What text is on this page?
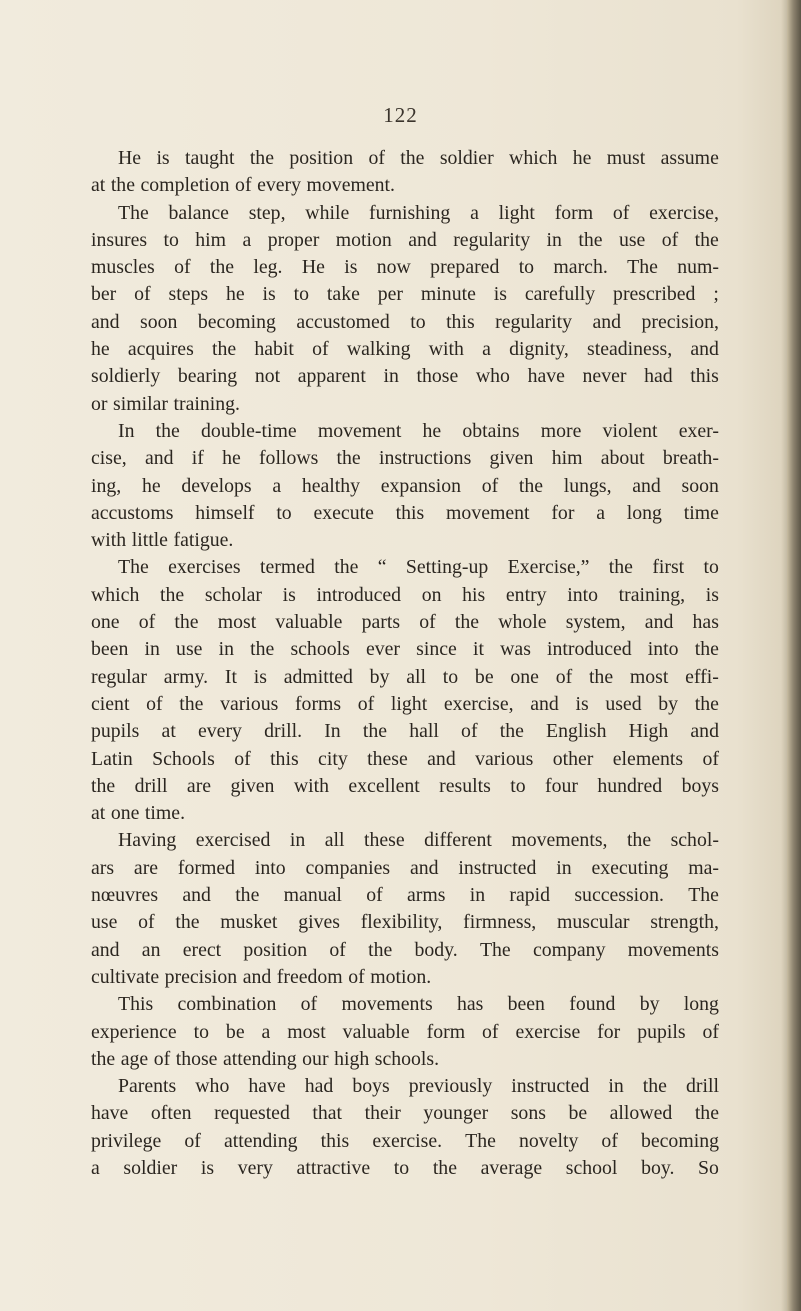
122
He is taught the position of the soldier which he must assume
at the completion of every movement.
The balance step, while furnishing a light form of exercise,
insures to him a proper motion and regularity in the use of the
muscles of the leg. He is now prepared to march. The num-
ber of steps he is to take per minute is carefully prescribed ;
and soon becoming accustomed to this regularity and precision,
he acquires the habit of walking with a dignity, steadiness, and
soldierly bearing not apparent in those who have never had this
or similar training.
In the double-time movement he obtains more violent exer-
cise, and if he follows the instructions given him about breath-
ing, he develops a healthy expansion of the lungs, and soon
accustoms himself to execute this movement for a long time
with little fatigue.
The exercises termed the “ Setting-up Exercise,” the first to
which the scholar is introduced on his entry into training, is
one of the most valuable parts of the whole system, and has
been in use in the schools ever since it was introduced into the
regular army. It is admitted by all to be one of the most effi-
cient of the various forms of light exercise, and is used by the
pupils at every drill. In the hall of the English High and
Latin Schools of this city these and various other elements of
the drill are given with excellent results to four hundred boys
at one time.
Having exercised in all these different movements, the schol-
ars are formed into companies and instructed in executing ma-
nœuvres and the manual of arms in rapid succession. The
use of the musket gives flexibility, firmness, muscular strength,
and an erect position of the body. The company movements
cultivate precision and freedom of motion.
This combination of movements has been found by long
experience to be a most valuable form of exercise for pupils of
the age of those attending our high schools.
Parents who have had boys previously instructed in the drill
have often requested that their younger sons be allowed the
privilege of attending this exercise. The novelty of becoming
a soldier is very attractive to the average school boy. So
